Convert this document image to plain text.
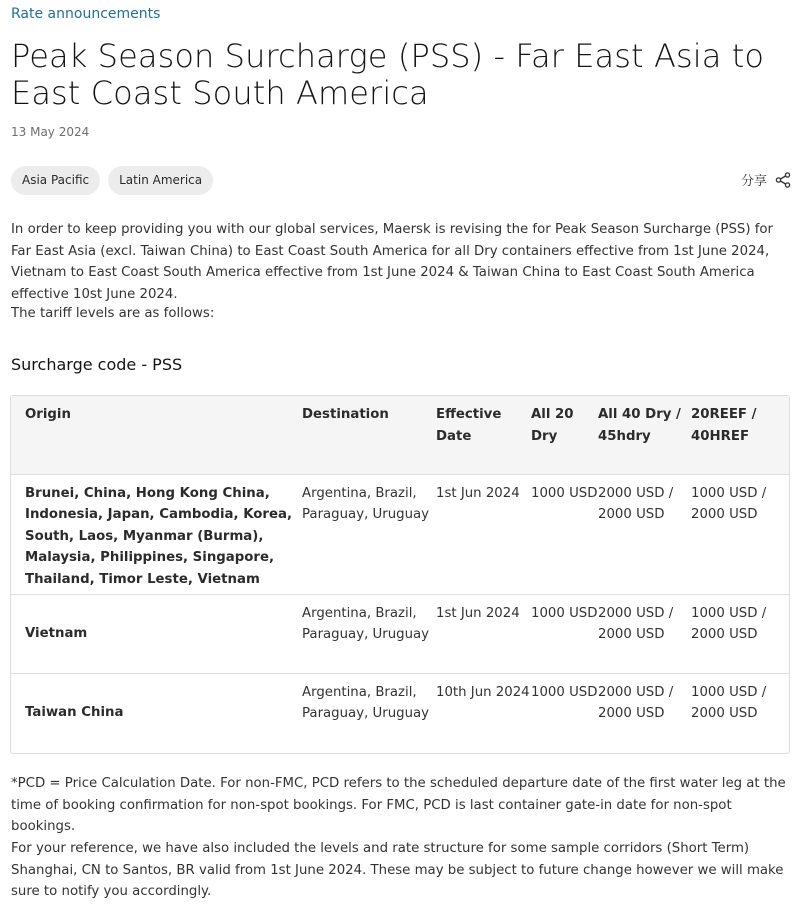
Rate announcements
Peak Season Surcharge (PSS) - Far East Asia to East Coast South America
13 May 2024
Asia Pacific	Latin America	分享

In order to keep providing you with our global services, Maersk is revising the for Peak Season Surcharge (PSS) for Far East Asia (excl. Taiwan China) to East Coast South America for all Dry containers effective from 1st June 2024, Vietnam to East Coast South America effective from 1st June 2024 & Taiwan China to East Coast South America effective 10st June 2024.

The tariff levels are as follows:

Surcharge code - PSS
Origin	Destination	Effective Date	All 20 Dry	All 40 Dry / 45hdry	20REEF / 40HREF
Brunei, China, Hong Kong China, Indonesia, Japan, Cambodia, Korea, South, Laos, Myanmar (Burma), Malaysia, Philippines, Singapore, Thailand, Timor Leste, Vietnam	Argentina, Brazil, Paraguay, Uruguay	1st Jun 2024	1000 USD	2000 USD / 2000 USD	1000 USD / 2000 USD
Vietnam	Argentina, Brazil, Paraguay, Uruguay	1st Jun 2024	1000 USD	2000 USD / 2000 USD	1000 USD / 2000 USD
Taiwan China	Argentina, Brazil, Paraguay, Uruguay	10th Jun 2024	1000 USD	2000 USD / 2000 USD	1000 USD / 2000 USD

*PCD = Price Calculation Date. For non-FMC, PCD refers to the scheduled departure date of the first water leg at the time of booking confirmation for non-spot bookings. For FMC, PCD is last container gate-in date for non-spot bookings.

For your reference, we have also included the levels and rate structure for some sample corridors (Short Term) Shanghai, CN to Santos, BR valid from 1st June 2024. These may be subject to future change however we will make sure to notify you accordingly.
